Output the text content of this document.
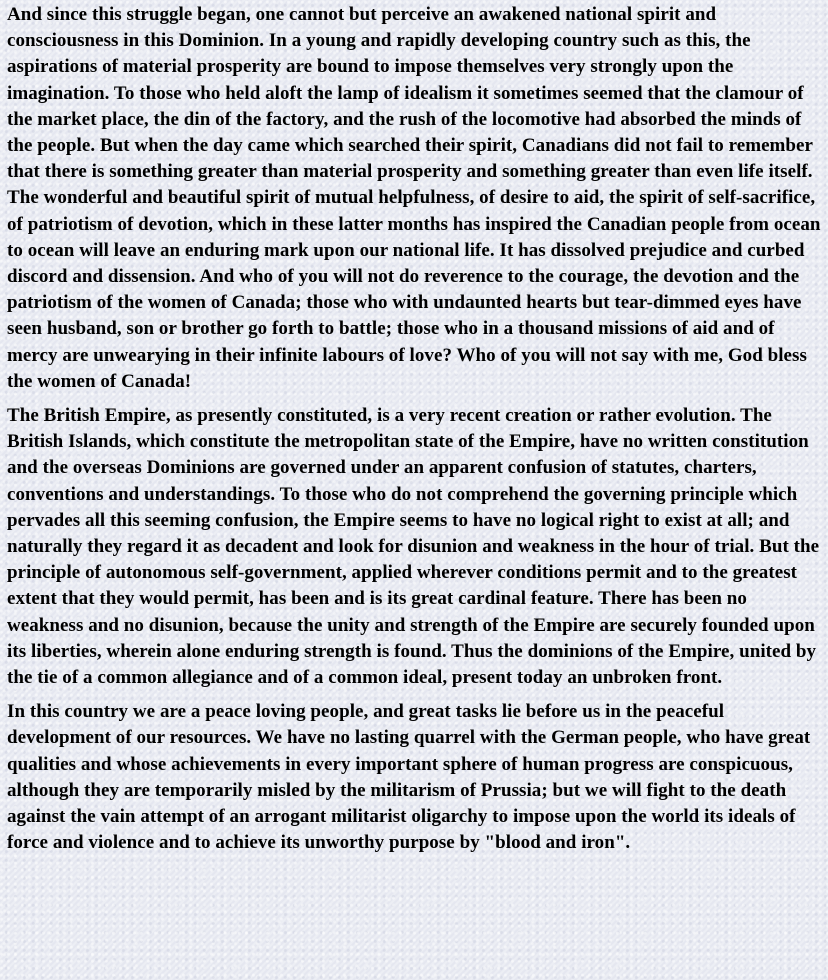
And since this struggle began, one cannot but perceive an awakened national spirit and consciousness in this Dominion. In a young and rapidly developing country such as this, the aspirations of material prosperity are bound to impose themselves very strongly upon the imagination. To those who held aloft the lamp of idealism it sometimes seemed that the clamour of the market place, the din of the factory, and the rush of the locomotive had absorbed the minds of the people. But when the day came which searched their spirit, Canadians did not fail to remember that there is something greater than material prosperity and something greater than even life itself. The wonderful and beautiful spirit of mutual helpfulness, of desire to aid, the spirit of self-sacrifice, of patriotism of devotion, which in these latter months has inspired the Canadian people from ocean to ocean will leave an enduring mark upon our national life. It has dissolved prejudice and curbed discord and dissension. And who of you will not do reverence to the courage, the devotion and the patriotism of the women of Canada; those who with undaunted hearts but tear-dimmed eyes have seen husband, son or brother go forth to battle; those who in a thousand missions of aid and of mercy are unwearying in their infinite labours of love? Who of you will not say with me, God bless the women of Canada!

The British Empire, as presently constituted, is a very recent creation or rather evolution. The British Islands, which constitute the metropolitan state of the Empire, have no written constitution and the overseas Dominions are governed under an apparent confusion of statutes, charters, conventions and understandings. To those who do not comprehend the governing principle which pervades all this seeming confusion, the Empire seems to have no logical right to exist at all; and naturally they regard it as decadent and look for disunion and weakness in the hour of trial. But the principle of autonomous self-government, applied wherever conditions permit and to the greatest extent that they would permit, has been and is its great cardinal feature. There has been no weakness and no disunion, because the unity and strength of the Empire are securely founded upon its liberties, wherein alone enduring strength is found. Thus the dominions of the Empire, united by the tie of a common allegiance and of a common ideal, present today an unbroken front.

In this country we are a peace loving people, and great tasks lie before us in the peaceful development of our resources. We have no lasting quarrel with the German people, who have great qualities and whose achievements in every important sphere of human progress are conspicuous, although they are temporarily misled by the militarism of Prussia; but we will fight to the death against the vain attempt of an arrogant militarist oligarchy to impose upon the world its ideals of force and violence and to achieve its unworthy purpose by "blood and iron".
